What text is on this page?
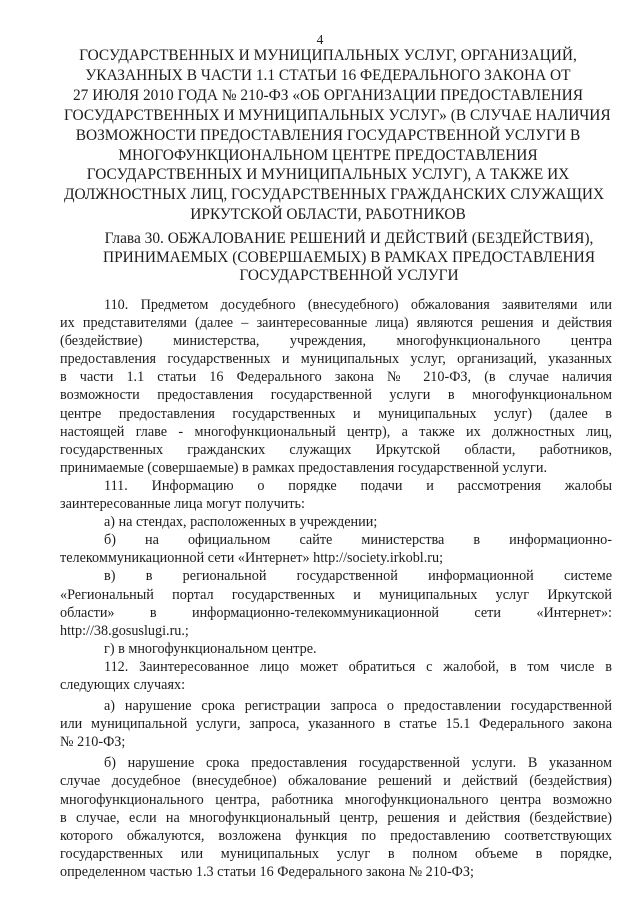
4
ГОСУДАРСТВЕННЫХ И МУНИЦИПАЛЬНЫХ УСЛУГ, ОРГАНИЗАЦИЙ,
УКАЗАННЫХ В ЧАСТИ 1.1 СТАТЬИ 16 ФЕДЕРАЛЬНОГО ЗАКОНА ОТ
27 ИЮЛЯ 2010 ГОДА № 210-ФЗ «ОБ ОРГАНИЗАЦИИ ПРЕДОСТАВЛЕНИЯ
ГОСУДАРСТВЕННЫХ И МУНИЦИПАЛЬНЫХ УСЛУГ» (В СЛУЧАЕ НАЛИЧИЯ
ВОЗМОЖНОСТИ ПРЕДОСТАВЛЕНИЯ ГОСУДАРСТВЕННОЙ УСЛУГИ В
МНОГОФУНКЦИОНАЛЬНОМ ЦЕНТРЕ ПРЕДОСТАВЛЕНИЯ
ГОСУДАРСТВЕННЫХ И МУНИЦИПАЛЬНЫХ УСЛУГ), А ТАКЖЕ ИХ
ДОЛЖНОСТНЫХ ЛИЦ, ГОСУДАРСТВЕННЫХ ГРАЖДАНСКИХ СЛУЖАЩИХ
ИРКУТСКОЙ ОБЛАСТИ, РАБОТНИКОВ
Глава 30. ОБЖАЛОВАНИЕ РЕШЕНИЙ И ДЕЙСТВИЙ (БЕЗДЕЙСТВИЯ),
ПРИНИМАЕМЫХ (СОВЕРШАЕМЫХ) В РАМКАХ ПРЕДОСТАВЛЕНИЯ
ГОСУДАРСТВЕННОЙ УСЛУГИ
110. Предметом досудебного (внесудебного) обжалования заявителями или
их представителями (далее – заинтересованные лица) являются решения и действия
(бездействие) министерства, учреждения, многофункционального центра
предоставления государственных и муниципальных услуг, организаций, указанных
в части 1.1 статьи 16 Федерального закона № 210-ФЗ, (в случае наличия
возможности предоставления государственной услуги в многофункциональном
центре предоставления государственных и муниципальных услуг) (далее в
настоящей главе - многофункциональный центр), а также их должностных лиц,
государственных гражданских служащих Иркутской области, работников,
принимаемые (совершаемые) в рамках предоставления государственной услуги.
111. Информацию о порядке подачи и рассмотрения жалобы
заинтересованные лица могут получить:
а) на стендах, расположенных в учреждении;
б) на официальном сайте министерства в информационно-
телекоммуникационной сети «Интернет» http://society.irkobl.ru;
в) в региональной государственной информационной системе
«Региональный портал государственных и муниципальных услуг Иркутской
области» в информационно-телекоммуникационной сети «Интернет»:
http://38.gosuslugi.ru.;
г) в многофункциональном центре.
112. Заинтересованное лицо может обратиться с жалобой, в том числе в
следующих случаях:
а) нарушение срока регистрации запроса о предоставлении государственной
или муниципальной услуги, запроса, указанного в статье 15.1 Федерального закона
№ 210-ФЗ;
б) нарушение срока предоставления государственной услуги. В указанном
случае досудебное (внесудебное) обжалование решений и действий (бездействия)
многофункционального центра, работника многофункционального центра возможно
в случае, если на многофункциональный центр, решения и действия (бездействие)
которого обжалуются, возложена функция по предоставлению соответствующих
государственных или муниципальных услуг в полном объеме в порядке,
определенном частью 1.3 статьи 16 Федерального закона № 210-ФЗ;
